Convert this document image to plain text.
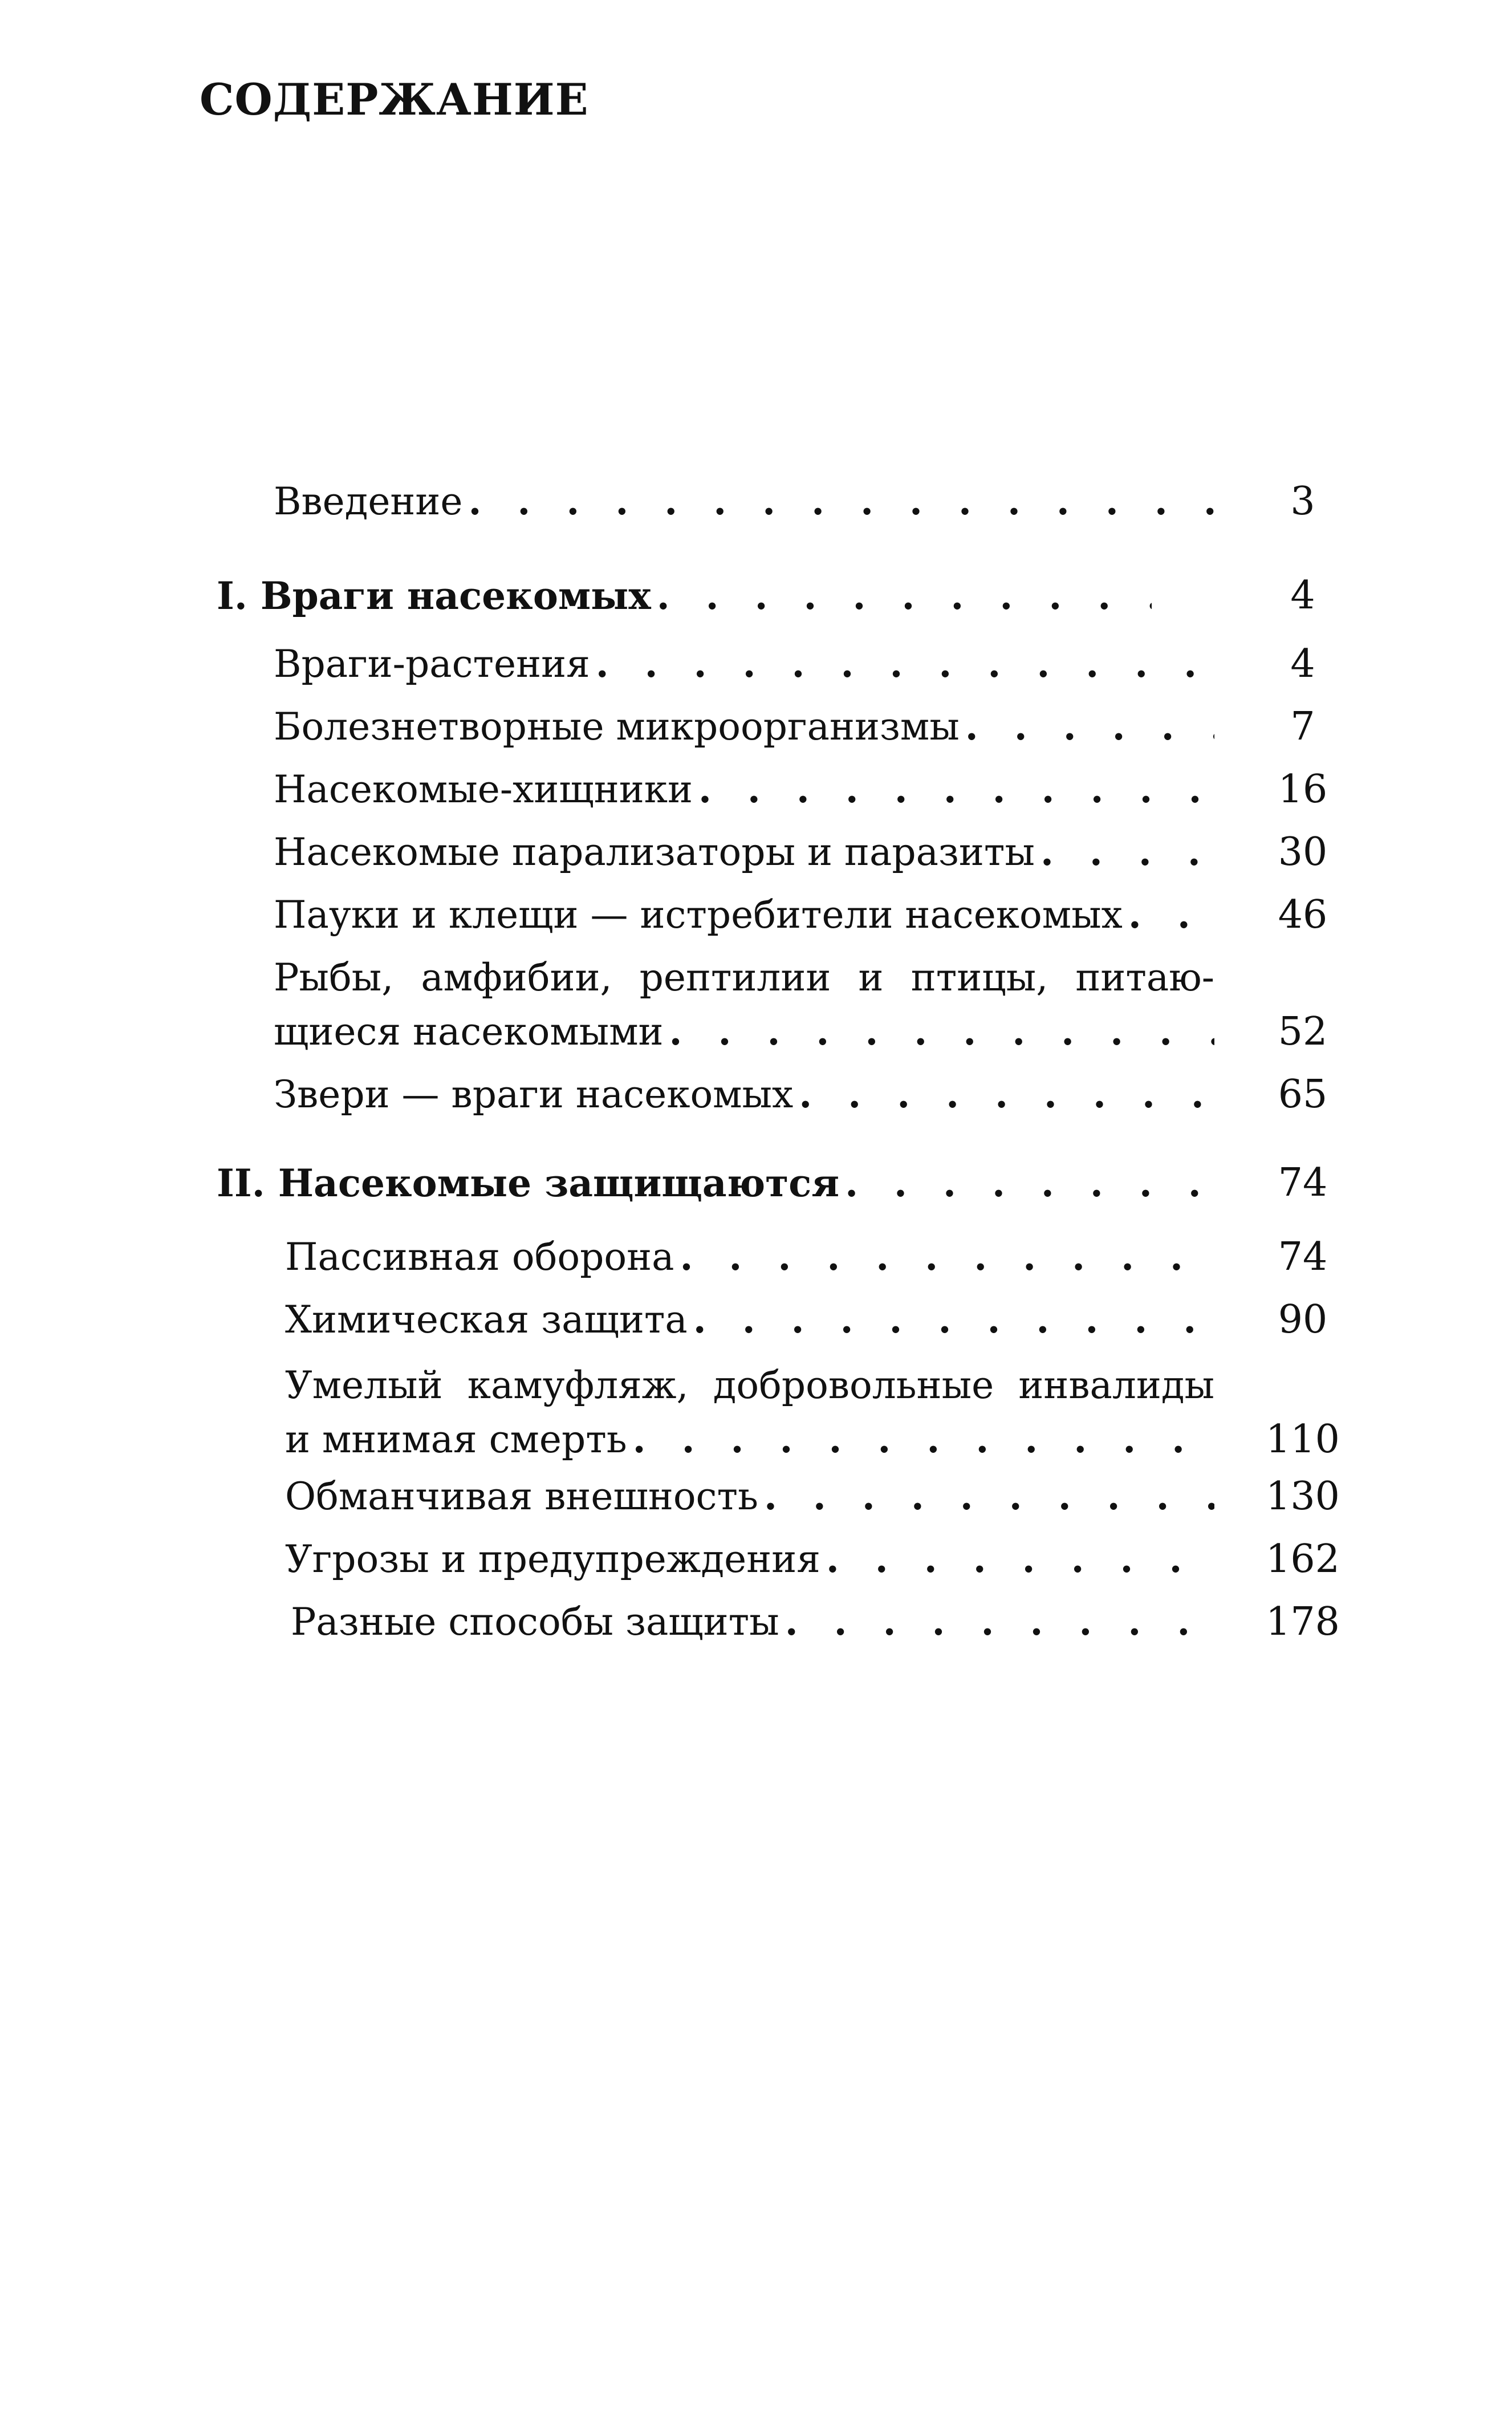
СОДЕРЖАНИЕ
Введение . . .	3
I. Враги насекомых . . .	4
Враги-растения . . .	4
Болезнетворные микроорганизмы . . .	7
Насекомые-хищники . . .	16
Насекомые парализаторы и паразиты . . .	30
Пауки и клещи — истребители насекомых . . .	46
Рыбы, амфибии, рептилии и птицы, питаю-
щиеся насекомыми . . .	52
Звери — враги насекомых . . .	65
II. Насекомые защищаются . . .	74
Пассивная оборона . . .	74
Химическая защита . . .	90
Умелый камуфляж, добровольные инвалиды
и мнимая смерть . . .	110
Обманчивая внешность . . .	130
Угрозы и предупреждения . . .	162
Разные способы защиты . . .	178
